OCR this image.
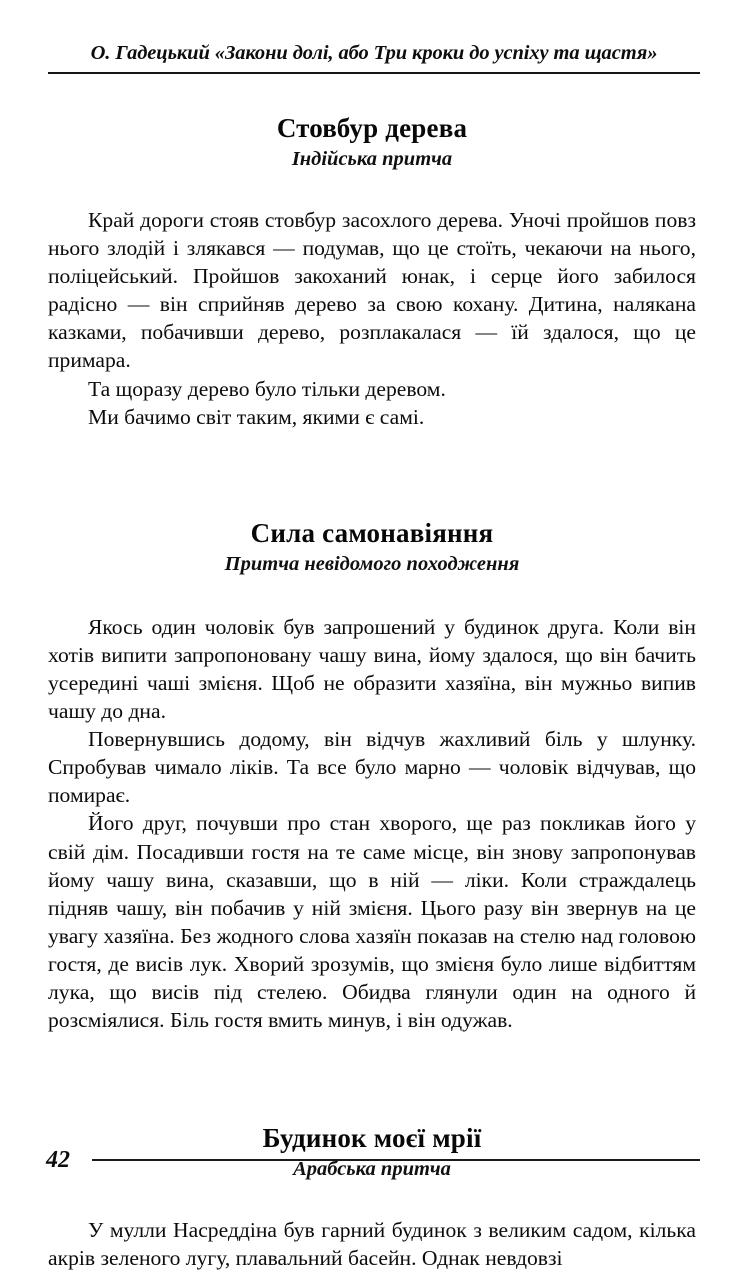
О. Гадецький «Закони долі, або Три кроки до успіху та щастя»
Стовбур дерева

Індійська притча

Край дороги стояв стовбур засохлого дерева. Уночі пройшов повз нього злодій і злякався — подумав, що це стоїть, чекаючи на нього, поліцейський. Пройшов закоханий юнак, і серце його забилося радісно — він сприйняв дерево за свою кохану. Дитина, налякана казками, побачивши дерево, розплакалася — їй здалося, що це примара.

Та щоразу дерево було тільки деревом.

Ми бачимо світ таким, якими є самі.

Сила самонавіяння

Притча невідомого походження

Якось один чоловік був запрошений у будинок друга. Коли він хотів випити запропоновану чашу вина, йому здалося, що він бачить усередині чаші змієня. Щоб не образити хазяїна, він мужньо випив чашу до дна.

Повернувшись додому, він відчув жахливий біль у шлунку. Спробував чимало ліків. Та все було марно — чоловік відчував, що помирає.

Його друг, почувши про стан хворого, ще раз покликав його у свій дім. Посадивши гостя на те саме місце, він знову запропонував йому чашу вина, сказавши, що в ній — ліки. Коли страждалець підняв чашу, він побачив у ній змієня. Цього разу він звернув на це увагу хазяїна. Без жодного слова хазяїн показав на стелю над головою гостя, де висів лук. Хворий зрозумів, що змієня було лише відбиттям лука, що висів під стелею. Обидва глянули один на одного й розсміялися. Біль гостя вмить минув, і він одужав.

Будинок моєї мрії

Арабська притча

У мулли Насреддіна був гарний будинок з великим садом, кілька акрів зеленого лугу, плавальний басейн. Однак невдовзі

42
